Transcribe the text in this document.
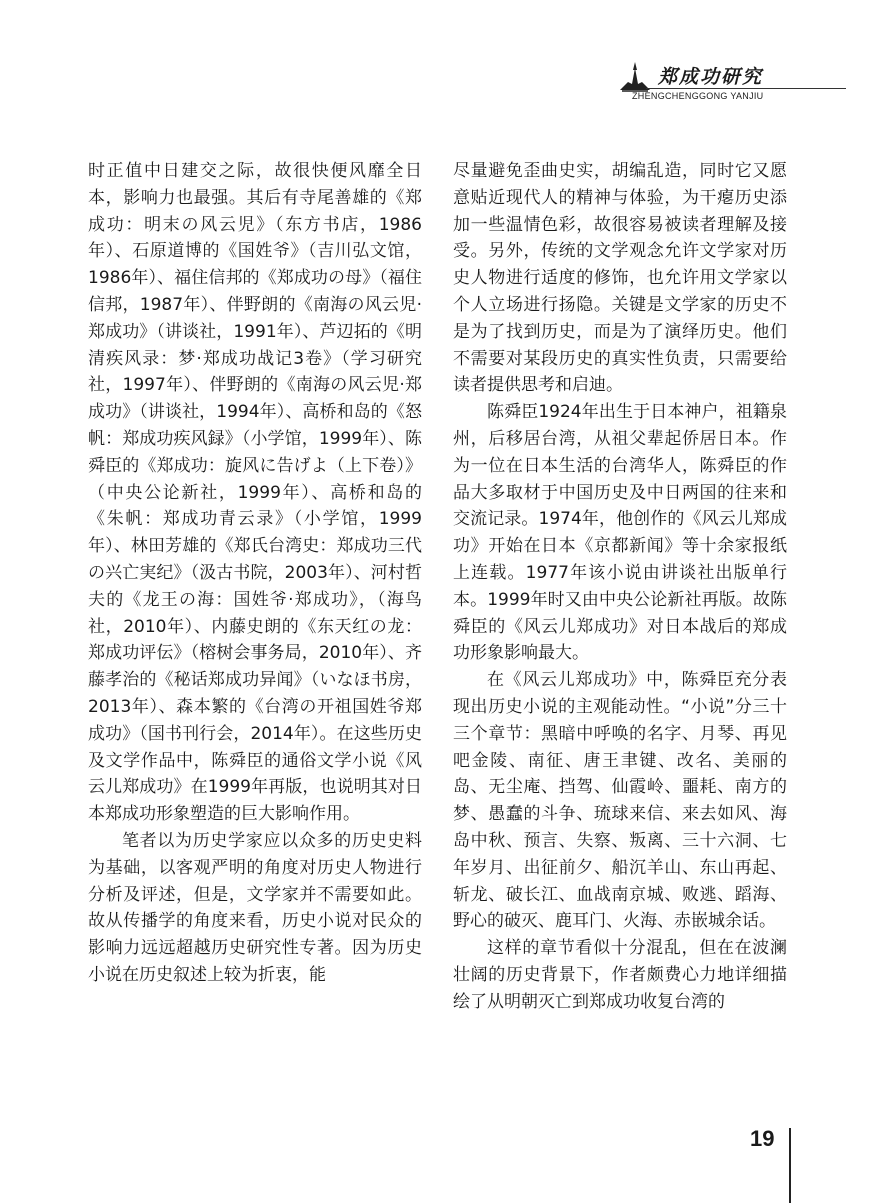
郑成功研究
ZHENGCHENGGONG YANJIU

时正值中日建交之际，故很快便风靡全日本，影响力也最强。其后有寺尾善雄的《郑成功：明末の风云児》（东方书店，1986年）、石原道博的《国姓爷》（吉川弘文馆，1986年）、福住信邦的《郑成功の母》（福住信邦，1987年）、伴野朗的《南海の风云児·郑成功》（讲谈社，1991年）、芦辺拓的《明清疾风录：梦·郑成功战记3卷》（学习研究社，1997年）、伴野朗的《南海の风云児·郑成功》（讲谈社，1994年）、高桥和岛的《怒帆：郑成功疾风録》（小学馆，1999年）、陈舜臣的《郑成功：旋风に告げよ（上下卷）》（中央公论新社，1999年）、高桥和岛的《朱帆：郑成功青云录》（小学馆，1999年）、林田芳雄的《郑氏台湾史：郑成功三代の兴亡実纪》（汲古书院，2003年）、河村哲夫的《龙王の海：国姓爷·郑成功》，（海鸟社，2010年）、内藤史朗的《东天红の龙：郑成功评伝》（榕树会事务局，2010年）、齐藤孝治的《秘话郑成功异闻》（いなほ书房，2013年）、森本繁的《台湾の开祖国姓爷郑成功》（国书刊行会，2014年）。在这些历史及文学作品中，陈舜臣的通俗文学小说《风云儿郑成功》在1999年再版，也说明其对日本郑成功形象塑造的巨大影响作用。

笔者以为历史学家应以众多的历史史料为基础，以客观严明的角度对历史人物进行分析及评述，但是，文学家并不需要如此。故从传播学的角度来看，历史小说对民众的影响力远远超越历史研究性专著。因为历史小说在历史叙述上较为折衷，能

尽量避免歪曲史实，胡编乱造，同时它又愿意贴近现代人的精神与体验，为干瘪历史添加一些温情色彩，故很容易被读者理解及接受。另外，传统的文学观念允许文学家对历史人物进行适度的修饰，也允许用文学家以个人立场进行扬隐。关键是文学家的历史不是为了找到历史，而是为了演绎历史。他们不需要对某段历史的真实性负责，只需要给读者提供思考和启迪。

陈舜臣1924年出生于日本神户，祖籍泉州，后移居台湾，从祖父辈起侨居日本。作为一位在日本生活的台湾华人，陈舜臣的作品大多取材于中国历史及中日两国的往来和交流记录。1974年，他创作的《风云儿郑成功》开始在日本《京都新闻》等十余家报纸上连载。1977年该小说由讲谈社出版单行本。1999年时又由中央公论新社再版。故陈舜臣的《风云儿郑成功》对日本战后的郑成功形象影响最大。

在《风云儿郑成功》中，陈舜臣充分表现出历史小说的主观能动性。“小说”分三十三个章节：黑暗中呼唤的名字、月琴、再见吧金陵、南征、唐王聿键、改名、美丽的岛、无尘庵、挡驾、仙霞岭、噩耗、南方的梦、愚蠢的斗争、琉球来信、来去如风、海岛中秋、预言、失察、叛离、三十六洞、七年岁月、出征前夕、船沉羊山、东山再起、斩龙、破长江、血战南京城、败逃、蹈海、野心的破灭、鹿耳门、火海、赤嵌城余话。

这样的章节看似十分混乱，但在在波澜壮阔的历史背景下，作者颇费心力地详细描绘了从明朝灭亡到郑成功收复台湾的

19
